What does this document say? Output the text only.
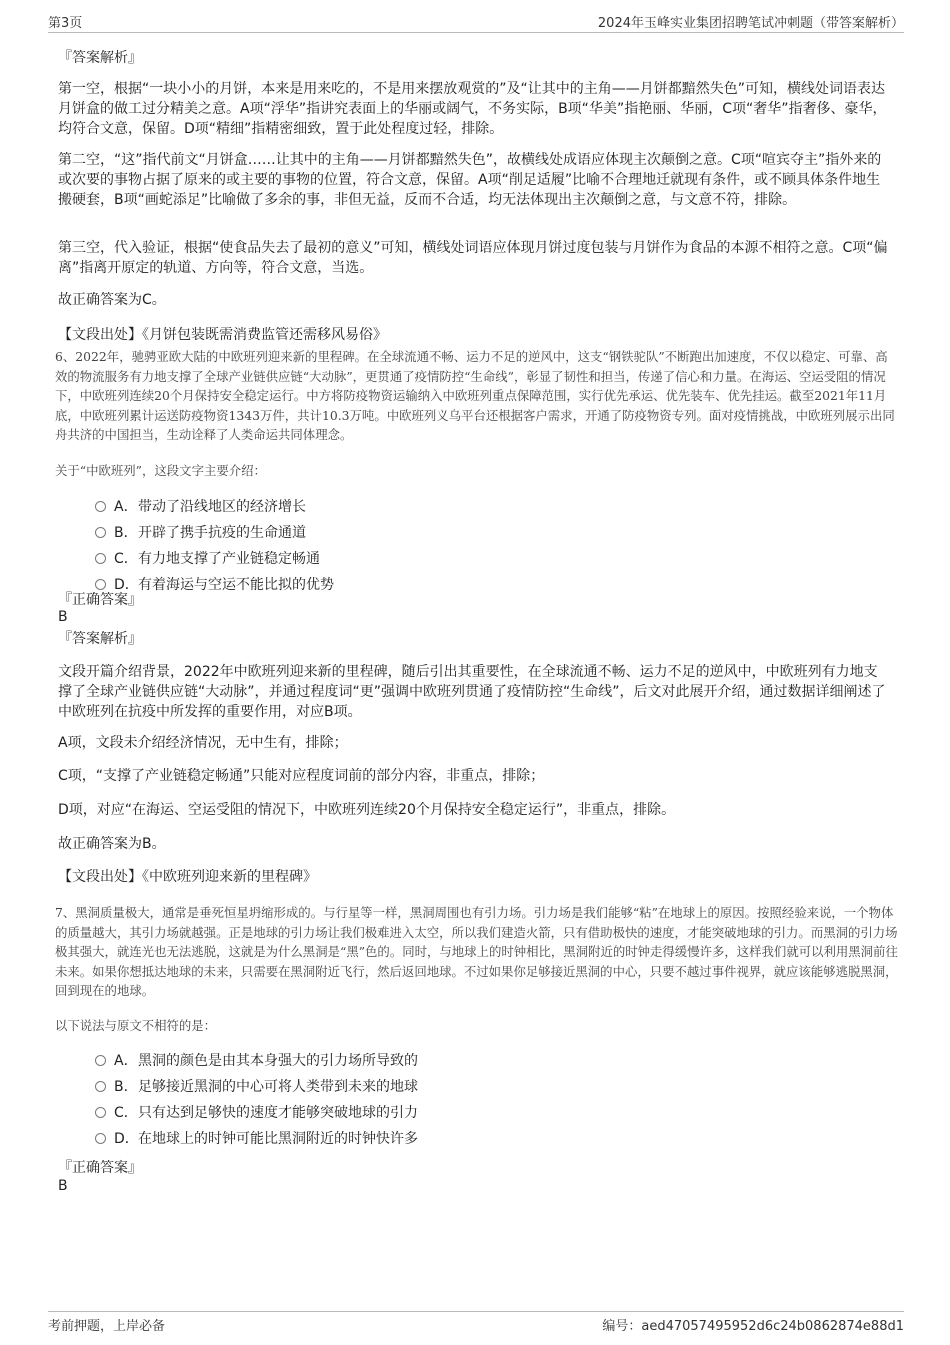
第3页	2024年玉峰实业集团招聘笔试冲刺题（带答案解析）
『答案解析』

第一空，根据“一块小小的月饼，本来是用来吃的，不是用来摆放观赏的”及“让其中的主角——月饼都黯然失色”可知，横线处词语表达月饼盒的做工过分精美之意。A项“浮华”指讲究表面上的华丽或阔气，不务实际，B项“华美”指艳丽、华丽，C项“奢华”指奢侈、豪华，均符合文意，保留。D项“精细”指精密细致，置于此处程度过轻，排除。

第二空，“这”指代前文“月饼盒……让其中的主角——月饼都黯然失色”，故横线处成语应体现主次颠倒之意。C项“喧宾夺主”指外来的或次要的事物占据了原来的或主要的事物的位置，符合文意，保留。A项“削足适履”比喻不合理地迁就现有条件，或不顾具体条件地生搬硬套，B项“画蛇添足”比喻做了多余的事，非但无益，反而不合适，均无法体现出主次颠倒之意，与文意不符，排除。

第三空，代入验证，根据“使食品失去了最初的意义”可知，横线处词语应体现月饼过度包装与月饼作为食品的本源不相符之意。C项“偏离”指离开原定的轨道、方向等，符合文意，当选。

故正确答案为C。
【文段出处】《月饼包装既需消费监管还需移风易俗》

6、2022年，驰骋亚欧大陆的中欧班列迎来新的里程碑。在全球流通不畅、运力不足的逆风中，这支“钢铁驼队”不断跑出加速度，不仅以稳定、可靠、高效的物流服务有力地支撑了全球产业链供应链“大动脉”，更贯通了疫情防控“生命线”，彰显了韧性和担当，传递了信心和力量。在海运、空运受阻的情况下，中欧班列连续20个月保持安全稳定运行。中方将防疫物资运输纳入中欧班列重点保障范围，实行优先承运、优先装车、优先挂运。截至2021年11月底，中欧班列累计运送防疫物资1343万件，共计10.3万吨。中欧班列义乌平台还根据客户需求，开通了防疫物资专列。面对疫情挑战，中欧班列展示出同舟共济的中国担当，生动诠释了人类命运共同体理念。

关于“中欧班列”，这段文字主要介绍：
A．带动了沿线地区的经济增长
B．开辟了携手抗疫的生命通道
C．有力地支撑了产业链稳定畅通
D．有着海运与空运不能比拟的优势
『正确答案』
B
『答案解析』

文段开篇介绍背景，2022年中欧班列迎来新的里程碑，随后引出其重要性，在全球流通不畅、运力不足的逆风中，中欧班列有力地支撑了全球产业链供应链“大动脉”，并通过程度词“更”强调中欧班列贯通了疫情防控“生命线”，后文对此展开介绍，通过数据详细阐述了中欧班列在抗疫中所发挥的重要作用，对应B项。

A项，文段未介绍经济情况，无中生有，排除；
C项，“支撑了产业链稳定畅通”只能对应程度词前的部分内容，非重点，排除；
D项，对应“在海运、空运受阻的情况下，中欧班列连续20个月保持安全稳定运行”，非重点，排除。
故正确答案为B。
【文段出处】《中欧班列迎来新的里程碑》

7、黑洞质量极大，通常是垂死恒星坍缩形成的。与行星等一样，黑洞周围也有引力场。引力场是我们能够“粘”在地球上的原因。按照经验来说，一个物体的质量越大，其引力场就越强。正是地球的引力场让我们极难进入太空，所以我们建造火箭，只有借助极快的速度，才能突破地球的引力。而黑洞的引力场极其强大，就连光也无法逃脱，这就是为什么黑洞是“黑”色的。同时，与地球上的时钟相比，黑洞附近的时钟走得缓慢许多，这样我们就可以利用黑洞前往未来。如果你想抵达地球的未来，只需要在黑洞附近飞行，然后返回地球。不过如果你足够接近黑洞的中心，只要不越过事件视界，就应该能够逃脱黑洞，回到现在的地球。

以下说法与原文不相符的是：
A．黑洞的颜色是由其本身强大的引力场所导致的
B．足够接近黑洞的中心可将人类带到未来的地球
C．只有达到足够快的速度才能够突破地球的引力
D．在地球上的时钟可能比黑洞附近的时钟快许多
『正确答案』
B
考前押题，上岸必备	编号：aed47057495952d6c24b0862874e88d1
